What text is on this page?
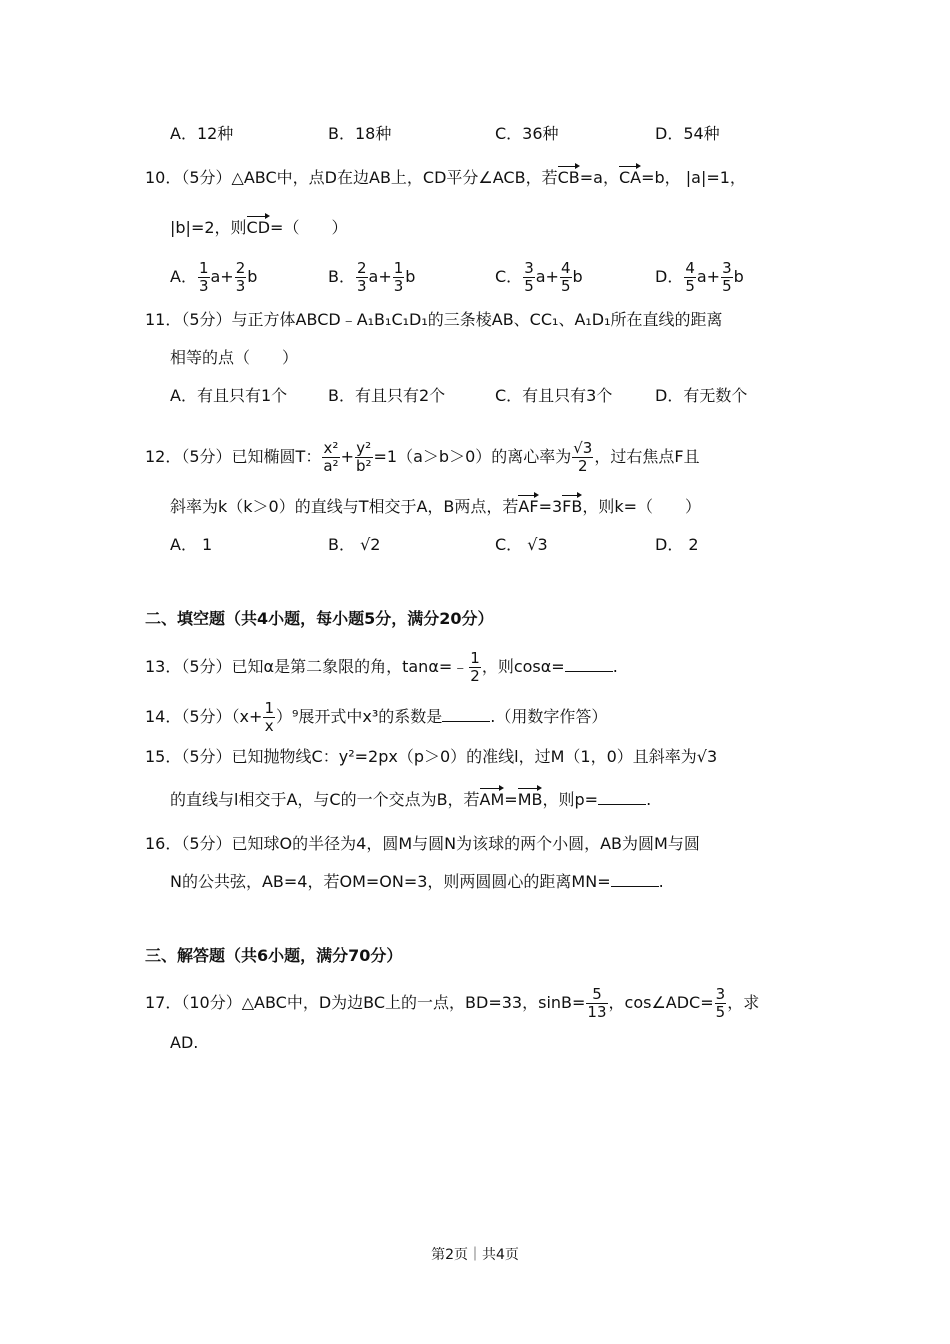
A．12种	B．18种	C．36种	D．54种
10．（5分）△ABC中，点D在边AB上，CD平分∠ACB，若CB=a，CA=b， |a|=1，
|b|=2，则CD=（　　）
A． $\frac{1}{3} a+ \frac{2}{3}$ b	B． $\frac{2}{3} a+ \frac{1}{3}$ b	C． $\frac{3}{5} a+ \frac{4}{5}$ b	D． $\frac{4}{5} a+ \frac{3}{5}$ b
11．（5分）与正方体ABCD﹣A₁B₁C₁D₁的三条棱AB、CC₁、A₁D₁所在直线的距离
相等的点（　　）
A．有且只有1个	B．有且只有2个	C．有且只有3个	D．有无数个
12．（5分）已知椭圆T： $\frac{\text{x²}}{\text{a²}} + \frac{\text{y²}}{\text{b²}} =1(a>b>0)$的离心率为 $\frac{√3}{2}$ ，过右焦点F且
斜率为k（k＞0）的直线与T相交于A，B两点，若AF=3FB，则k=（　　）
A． 1	B． √2	C． √3	D． 2
二、填空题（共4小题，每小题5分，满分20分）
13．（5分）已知α是第二象限的角，tanα=﹣ $\frac{1}{2}$ ，则cosα=	.
14．（5分）$(x+ \frac{1}{x} )^9$展开式中x³的系数是	.（用数字作答）
15．（5分）已知抛物线C：y²=2px（p＞0）的准线l，过M（1，0）且斜率为√3
的直线与l相交于A，与C的一个交点为B，若AM=MB，则p=	.
16．（5分）已知球O的半径为4，圆M与圆N为该球的两个小圆，AB为圆M与圆
N的公共弦，AB=4，若OM=ON=3，则两圆圆心的距离MN=	.
三、解答题（共6小题，满分70分）
17．（10分）△ABC中，D为边BC上的一点，BD=33，$\sin B= \frac{5}{13}$ ，cos∠ADC= $\frac{3}{5}$ ，求
AD.
第2页｜共4页
